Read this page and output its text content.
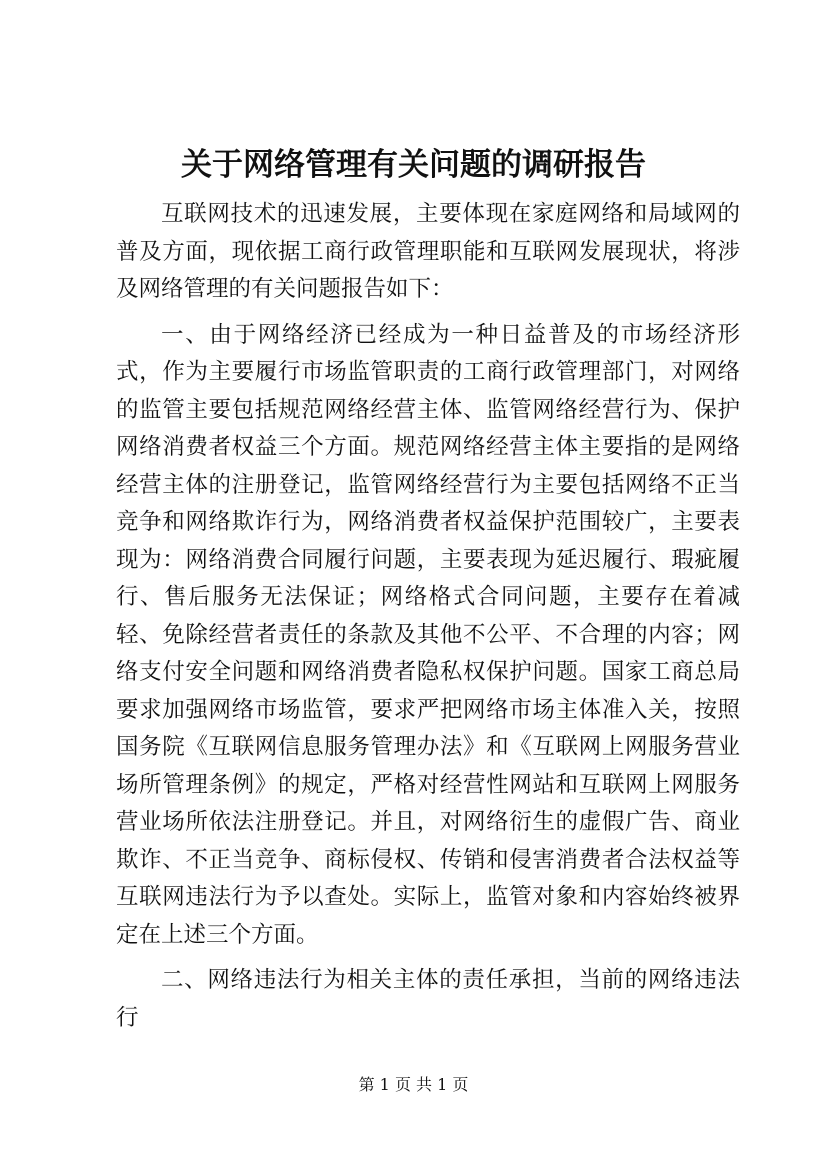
关于网络管理有关问题的调研报告

互联网技术的迅速发展，主要体现在家庭网络和局域网的普及方面，现依据工商行政管理职能和互联网发展现状，将涉及网络管理的有关问题报告如下：

一、由于网络经济已经成为一种日益普及的市场经济形式，作为主要履行市场监管职责的工商行政管理部门，对网络的监管主要包括规范网络经营主体、监管网络经营行为、保护网络消费者权益三个方面。规范网络经营主体主要指的是网络经营主体的注册登记，监管网络经营行为主要包括网络不正当竞争和网络欺诈行为，网络消费者权益保护范围较广，主要表现为：网络消费合同履行问题，主要表现为延迟履行、瑕疵履行、售后服务无法保证；网络格式合同问题，主要存在着减轻、免除经营者责任的条款及其他不公平、不合理的内容；网络支付安全问题和网络消费者隐私权保护问题。国家工商总局要求加强网络市场监管，要求严把网络市场主体准入关，按照国务院《互联网信息服务管理办法》和《互联网上网服务营业场所管理条例》的规定，严格对经营性网站和互联网上网服务营业场所依法注册登记。并且，对网络衍生的虚假广告、商业欺诈、不正当竞争、商标侵权、传销和侵害消费者合法权益等互联网违法行为予以查处。实际上，监管对象和内容始终被界定在上述三个方面。

二、网络违法行为相关主体的责任承担，当前的网络违法行

第 1 页 共 1 页
